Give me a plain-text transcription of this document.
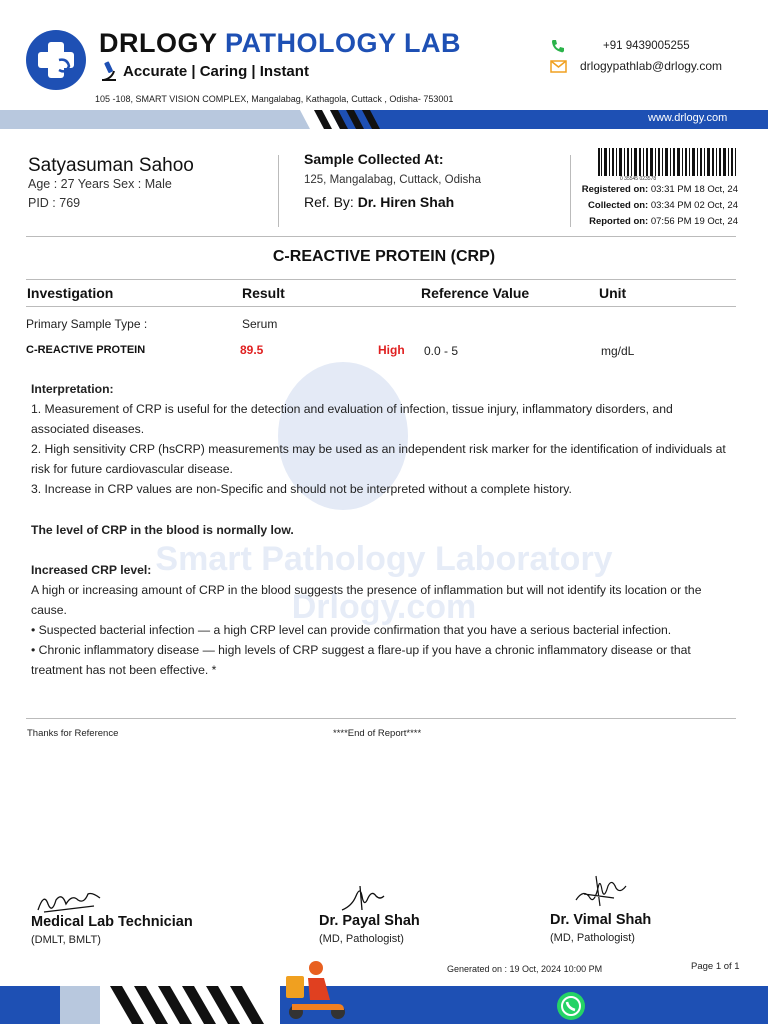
DRLOGY PATHOLOGY LAB
Accurate | Caring | Instant
105 -108, SMART VISION COMPLEX, Mangalabag, Kathagola, Cuttack , Odisha- 753001
+91 9439005255
drlogypathlab@drlogy.com
www.drlogy.com
Satyasuman Sahoo
Age : 27 Years Sex : Male
PID : 769
Sample Collected At:
125, Mangalabag, Cuttack, Odisha
Ref. By: Dr. Hiren Shah
0 35545 023578
Registered on: 03:31 PM 18 Oct, 24
Collected on: 03:34 PM 02 Oct, 24
Reported on: 07:56 PM 19 Oct, 24
Smart Pathology Laboratory
Drlogy.com
C-REACTIVE PROTEIN (CRP)
Investigation	Result	Reference Value	Unit
Primary Sample Type :	Serum
C-REACTIVE PROTEIN	89.5	High 0.0 - 5	mg/dL
Interpretation:
1. Measurement of CRP is useful for the detection and evaluation of infection, tissue injury, inflammatory disorders, and associated diseases.
2. High sensitivity CRP (hsCRP) measurements may be used as an independent risk marker for the identification of individuals at risk for future cardiovascular disease.
3. Increase in CRP values are non-Specific and should not be interpreted without a complete history.
The level of CRP in the blood is normally low.
Increased CRP level:
A high or increasing amount of CRP in the blood suggests the presence of inflammation but will not identify its location or the cause.
• Suspected bacterial infection — a high CRP level can provide confirmation that you have a serious bacterial infection.
• Chronic inflammatory disease — high levels of CRP suggest a flare-up if you have a chronic inflammatory disease or that treatment has not been effective. *
Thanks for Reference	****End of Report****
Medical Lab Technician
(DMLT, BMLT)
Dr. Payal Shah
(MD, Pathologist)
Dr. Vimal Shah
(MD, Pathologist)
Generated on : 19 Oct, 2024 10:00 PM	Page 1 of 1
